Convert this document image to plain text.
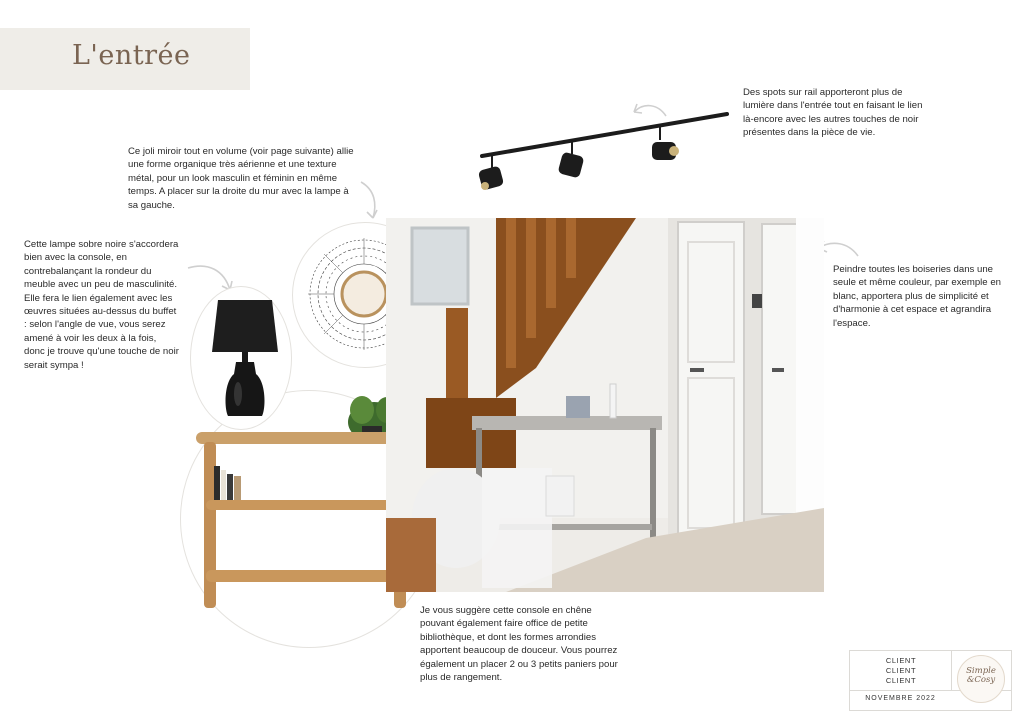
L'entrée
Des spots sur rail apporteront plus de lumière dans l'entrée tout en faisant le lien là-encore avec les autres touches de noir présentes dans la pièce de vie.
Ce joli miroir tout en volume (voir page suivante) allie une forme organique très aérienne et une texture métal, pour un look masculin et féminin en même temps. A placer sur la droite du mur avec la lampe à sa gauche.
Cette lampe sobre noire s'accordera bien avec la console, en contrebalançant la rondeur du meuble avec un peu de masculinité. Elle fera le lien également avec les œuvres situées au-dessus du buffet : selon l'angle de vue, vous serez amené à voir les deux à la fois, donc je trouve qu'une touche de noir serait sympa !
Peindre toutes les boiseries dans une seule et même couleur, par exemple en blanc, apportera plus de simplicité et d'harmonie à cet espace et agrandira l'espace.
Je vous suggère cette console en chêne pouvant également faire office de petite bibliothèque, et dont les formes arrondies apportent beaucoup de douceur. Vous pourrez également un placer 2 ou 3 petits paniers pour plus de rangement.
CLIENT
CLIENT
CLIENT
NOVEMBRE 2022
Simple
&Cosy
